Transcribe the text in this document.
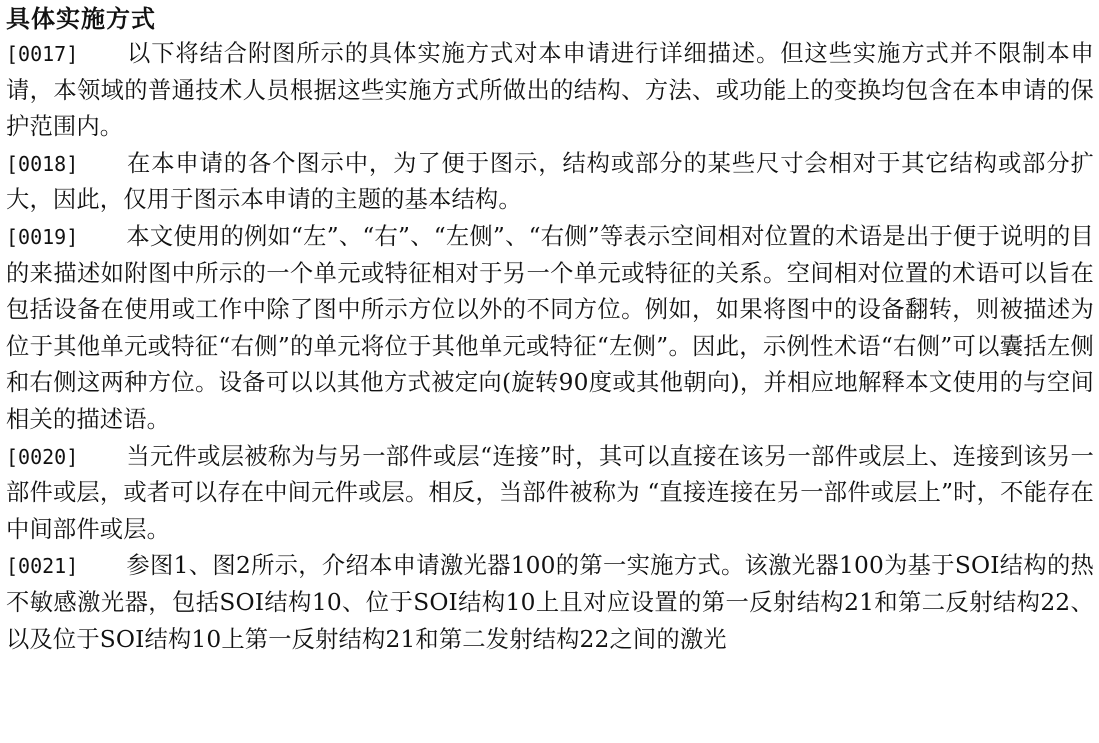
具体实施方式

[0017] 以下将结合附图所示的具体实施方式对本申请进行详细描述。但这些实施方式并不限制本申请，本领域的普通技术人员根据这些实施方式所做出的结构、方法、或功能上的变换均包含在本申请的保护范围内。

[0018] 在本申请的各个图示中，为了便于图示，结构或部分的某些尺寸会相对于其它结构或部分扩大，因此，仅用于图示本申请的主题的基本结构。

[0019] 本文使用的例如“左”、“右”、“左侧”、“右侧”等表示空间相对位置的术语是出于便于说明的目的来描述如附图中所示的一个单元或特征相对于另一个单元或特征的关系。空间相对位置的术语可以旨在包括设备在使用或工作中除了图中所示方位以外的不同方位。例如，如果将图中的设备翻转，则被描述为位于其他单元或特征“右侧”的单元将位于其他单元或特征“左侧”。因此，示例性术语“右侧”可以囊括左侧和右侧这两种方位。设备可以以其他方式被定向(旋转90度或其他朝向)，并相应地解释本文使用的与空间相关的描述语。

[0020] 当元件或层被称为与另一部件或层“连接”时，其可以直接在该另一部件或层上、连接到该另一部件或层，或者可以存在中间元件或层。相反，当部件被称为 “直接连接在另一部件或层上”时，不能存在中间部件或层。

[0021] 参图1、图2所示，介绍本申请激光器100的第一实施方式。该激光器100为基于SOI结构的热不敏感激光器，包括SOI结构10、位于SOI结构10上且对应设置的第一反射结构21和第二反射结构22、以及位于SOI结构10上第一反射结构21和第二发射结构22之间的激光
